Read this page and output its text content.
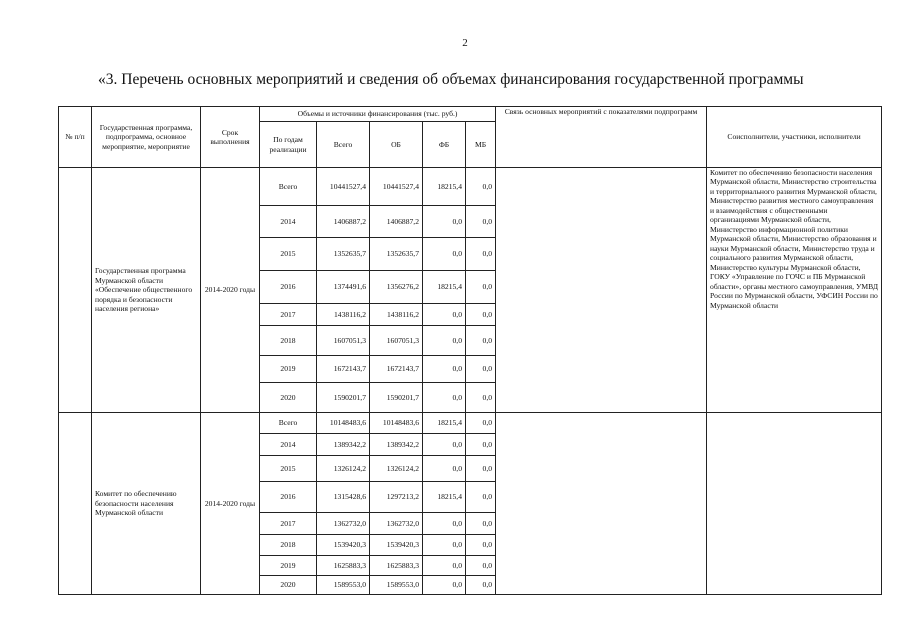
2
«3. Перечень основных мероприятий и сведения об объемах финансирования государственной программы
№ п/п	Государственная программа, подпрограмма, основное мероприятие, мероприятие	Срок выполнения	Объемы и источники финансирования (тыс. руб.)					Связь основных мероприятий с показателями подпрограмм	Соисполнители, участники, исполнители
			По годам реализации	Всего	ОБ	ФБ	МБ		
	Государственная программа Мурманской области «Обеспечение общественного порядка и безопасности населения региона»	2014-2020 годы	Всего	10441527,4	10441527,4	18215,4	0,0		Комитет по обеспечению безопасности населения Мурманской области, Министерство строительства и территориального развития Мурманской области, Министерство развития местного самоуправления и взаимодействия с общественными организациями Мурманской области, Министерство информационной политики Мурманской области, Министерство образования и науки Мурманской области, Министерство труда и социального развития Мурманской области, Министерство культуры Мурманской области, ГОКУ «Управление по ГОЧС и ПБ Мурманской области», органы местного самоуправления, УМВД России по Мурманской области, УФСИН России по Мурманской области
			2014	1406887,2	1406887,2	0,0	0,0		
			2015	1352635,7	1352635,7	0,0	0,0		
			2016	1374491,6	1356276,2	18215,4	0,0		
			2017	1438116,2	1438116,2	0,0	0,0		
			2018	1607051,3	1607051,3	0,0	0,0		
			2019	1672143,7	1672143,7	0,0	0,0		
			2020	1590201,7	1590201,7	0,0	0,0		
	Комитет по обеспечению безопасности населения Мурманской области	2014-2020 годы	Всего	10148483,6	10148483,6	18215,4	0,0		
			2014	1389342,2	1389342,2	0,0	0,0		
			2015	1326124,2	1326124,2	0,0	0,0		
			2016	1315428,6	1297213,2	18215,4	0,0		
			2017	1362732,0	1362732,0	0,0	0,0		
			2018	1539420,3	1539420,3	0,0	0,0		
			2019	1625883,3	1625883,3	0,0	0,0		
			2020	1589553,0	1589553,0	0,0	0,0		
